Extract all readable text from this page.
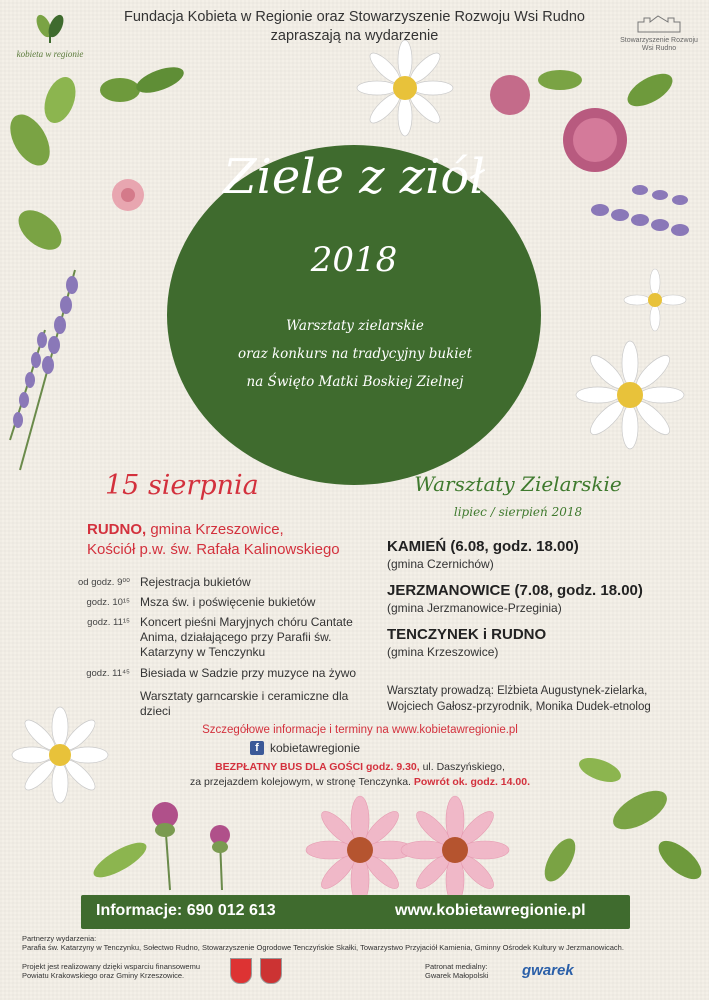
kobieta w regionie
Fundacja Kobieta w Regionie oraz Stowarzyszenie Rozwoju Wsi Rudno
zapraszają na wydarzenie	Stowarzyszenie Rozwoju
Wsi Rudno
Ziele z ziół
2018
Warsztaty zielarskie
oraz konkurs na tradycyjny bukiet
na Święto Matki Boskiej Zielnej
15 sierpnia
RUDNO, gmina Krzeszowice,
Kościół p.w. św. Rafała Kalinowskiego
od godz. 9⁰⁰ Rejestracja bukietów
godz. 10¹⁵ Msza św. i poświęcenie bukietów
godz. 11¹⁵ Koncert pieśni Maryjnych chóru Cantate Anima, działającego przy Parafii św. Katarzyny w Tenczynku
godz. 11⁴⁵ Biesiada w Sadzie przy muzyce na żywo
Warsztaty garncarskie i ceramiczne dla dzieci
Warsztaty Zielarskie
lipiec / sierpień 2018
KAMIEŃ (6.08, godz. 18.00)
(gmina Czernichów)
JERZMANOWICE (7.08, godz. 18.00)
(gmina Jerzmanowice-Przeginia)
TENCZYNEK i RUDNO
(gmina Krzeszowice)
Warsztaty prowadzą: Elżbieta Augustynek-zielarka,
Wojciech Gałosz-przyrodnik, Monika Dudek-etnolog
Szczegółowe informacje i terminy na www.kobietawregionie.pl
f kobietawregionie
BEZPŁATNY BUS DLA GOŚCI godz. 9.30, ul. Daszyńskiego,
za przejazdem kolejowym, w stronę Tenczynka. Powrót ok. godz. 14.00.
Informacje: 690 012 613	www.kobietawregionie.pl
Partnerzy wydarzenia:
Parafia św. Katarzyny w Tenczynku, Sołectwo Rudno, Stowarzyszenie Ogrodowe Tenczyńskie Skałki, Towarzystwo Przyjaciół Kamienia, Gminny Ośrodek Kultury w Jerzmanowicach.
Projekt jest realizowany dzięki wsparciu finansowemu
Powiatu Krakowskiego oraz Gminy Krzeszowice.
Patronat medialny:
Gwarek Małopolski	gwarek
